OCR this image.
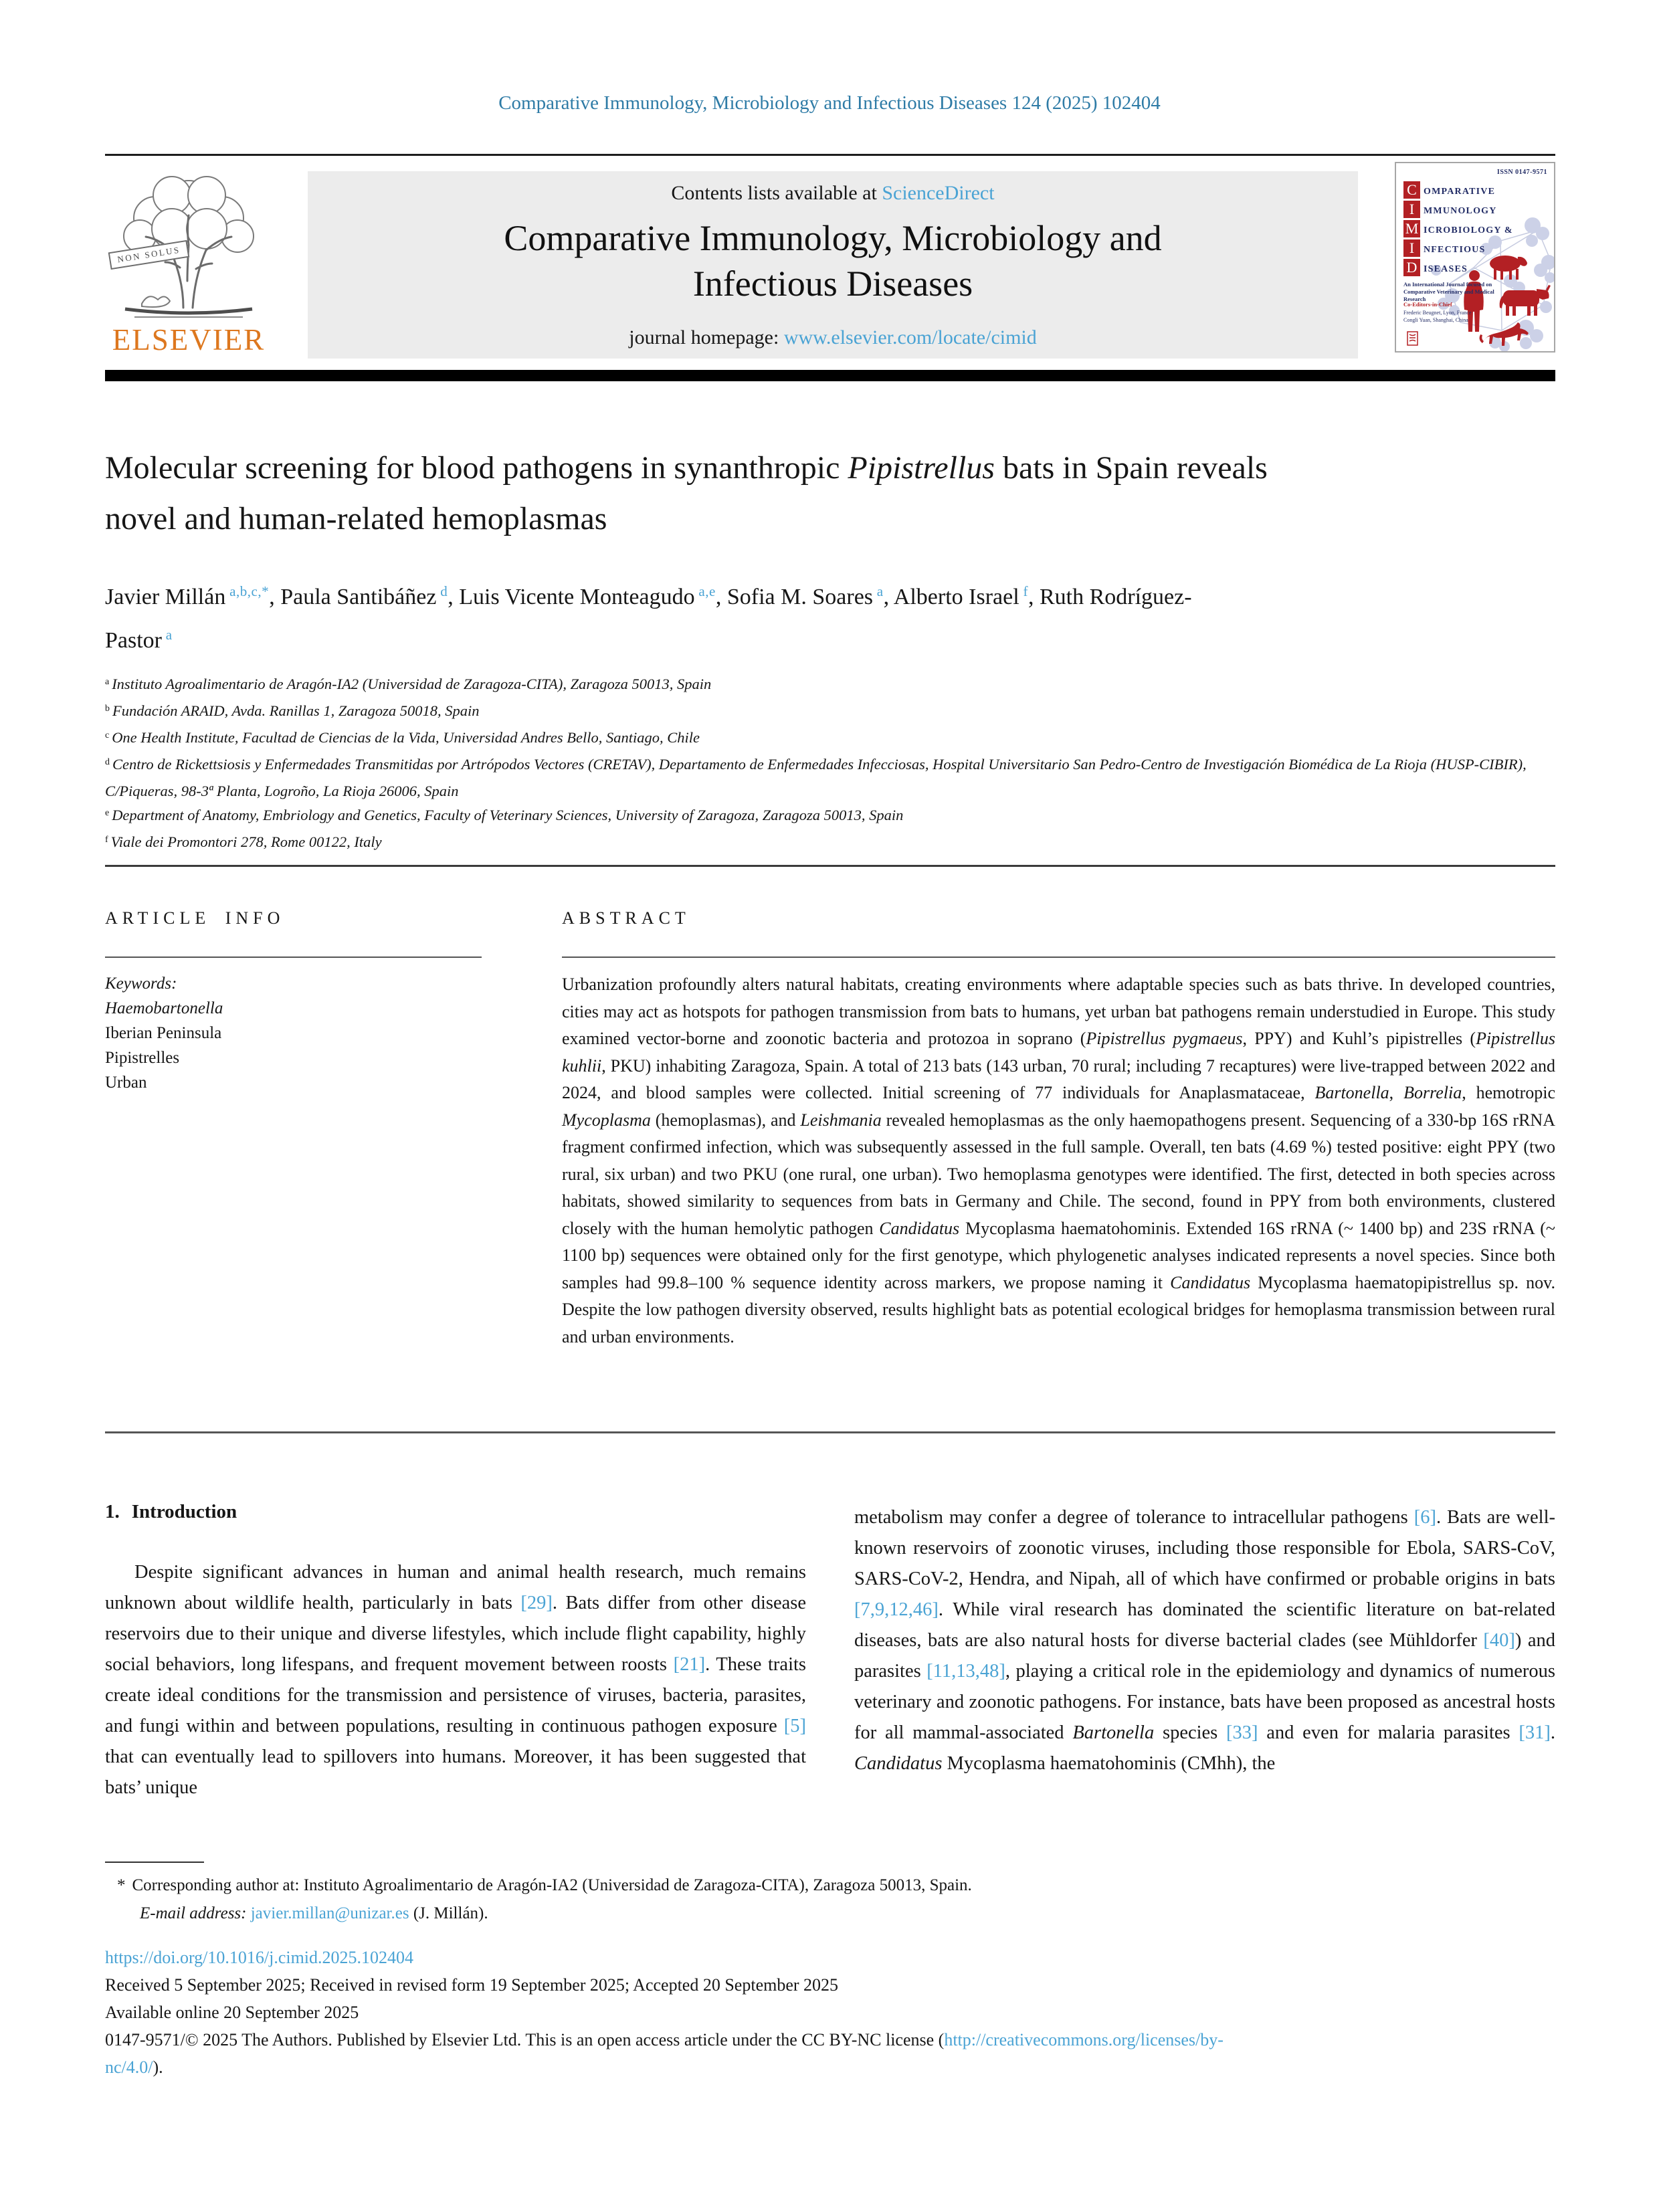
Comparative Immunology, Microbiology and Infectious Diseases 124 (2025) 102404
NON SOLUS
ELSEVIER
Contents lists available at ScienceDirect
Comparative Immunology, Microbiology and
Infectious Diseases
journal homepage: www.elsevier.com/locate/cimid
ISSN 0147-9571
C OMPARATIVE
I MMUNOLOGY
M ICROBIOLOGY &
I NFECTIOUS
D ISEASES
An International Journal focused on Comparative Veterinary and Medical Research
Co-Editors-in-Chief
Frederic Beugnet, Lyon, France
Congli Yuan, Shanghai, China
Molecular screening for blood pathogens in synanthropic Pipistrellus bats in Spain reveals novel and human-related hemoplasmas
Javier Millán $^{a,b,c,*}$, Paula Santibáñez $^d$, Luis Vicente Monteagudo $^{a,e}$, Sofia M. Soares $^a$, Alberto Israel $^f$, Ruth Rodríguez-Pastor $^a$
$^a$ Instituto Agroalimentario de Aragón-IA2 (Universidad de Zaragoza-CITA), Zaragoza 50013, Spain
$^b$ Fundación ARAID, Avda. Ranillas 1, Zaragoza 50018, Spain
$^c$ One Health Institute, Facultad de Ciencias de la Vida, Universidad Andres Bello, Santiago, Chile
$^d$ Centro de Rickettsiosis y Enfermedades Transmitidas por Artrópodos Vectores (CRETAV), Departamento de Enfermedades Infecciosas, Hospital Universitario San Pedro-Centro de Investigación Biomédica de La Rioja (HUSP-CIBIR), C/Piqueras, 98-3ª Planta, Logroño, La Rioja 26006, Spain
$^e$ Department of Anatomy, Embriology and Genetics, Faculty of Veterinary Sciences, University of Zaragoza, Zaragoza 50013, Spain
$^f$ Viale dei Promontori 278, Rome 00122, Italy
ARTICLE INFO	ABSTRACT
Keywords:
Haemobartonella
Iberian Peninsula
Pipistrelles
Urban
Urbanization profoundly alters natural habitats, creating environments where adaptable species such as bats thrive. In developed countries, cities may act as hotspots for pathogen transmission from bats to humans, yet urban bat pathogens remain understudied in Europe. This study examined vector-borne and zoonotic bacteria and protozoa in soprano (Pipistrellus pygmaeus, PPY) and Kuhl’s pipistrelles (Pipistrellus kuhlii, PKU) inhabiting Zaragoza, Spain. A total of 213 bats (143 urban, 70 rural; including 7 recaptures) were live-trapped between 2022 and 2024, and blood samples were collected. Initial screening of 77 individuals for Anaplasmataceae, Bartonella, Borrelia, hemotropic Mycoplasma (hemoplasmas), and Leishmania revealed hemoplasmas as the only haemopathogens present. Sequencing of a 330-bp 16S rRNA fragment confirmed infection, which was subsequently assessed in the full sample. Overall, ten bats (4.69 %) tested positive: eight PPY (two rural, six urban) and two PKU (one rural, one urban). Two hemoplasma genotypes were identified. The first, detected in both species across habitats, showed similarity to sequences from bats in Germany and Chile. The second, found in PPY from both environments, clustered closely with the human hemolytic pathogen Candidatus Mycoplasma haematohominis. Extended 16S rRNA (~ 1400 bp) and 23S rRNA (~ 1100 bp) sequences were obtained only for the first genotype, which phylogenetic analyses indicated represents a novel species. Since both samples had 99.8–100 % sequence identity across markers, we propose naming it Candidatus Mycoplasma haematopipistrellus sp. nov. Despite the low pathogen diversity observed, results highlight bats as potential ecological bridges for hemoplasma transmission between rural and urban environments.
1. Introduction
Despite significant advances in human and animal health research, much remains unknown about wildlife health, particularly in bats [29]. Bats differ from other disease reservoirs due to their unique and diverse lifestyles, which include flight capability, highly social behaviors, long lifespans, and frequent movement between roosts [21]. These traits create ideal conditions for the transmission and persistence of viruses, bacteria, parasites, and fungi within and between populations, resulting in continuous pathogen exposure [5] that can eventually lead to spillovers into humans. Moreover, it has been suggested that bats’ unique
metabolism may confer a degree of tolerance to intracellular pathogens [6]. Bats are well-known reservoirs of zoonotic viruses, including those responsible for Ebola, SARS-CoV, SARS-CoV-2, Hendra, and Nipah, all of which have confirmed or probable origins in bats [7,9,12,46]. While viral research has dominated the scientific literature on bat-related diseases, bats are also natural hosts for diverse bacterial clades (see Mühldorfer [40]) and parasites [11,13,48], playing a critical role in the epidemiology and dynamics of numerous veterinary and zoonotic pathogens. For instance, bats have been proposed as ancestral hosts for all mammal-associated Bartonella species [33] and even for malaria parasites [31]. Candidatus Mycoplasma haematohominis (CMhh), the
* Corresponding author at: Instituto Agroalimentario de Aragón-IA2 (Universidad de Zaragoza-CITA), Zaragoza 50013, Spain.
E-mail address: javier.millan@unizar.es (J. Millán).
https://doi.org/10.1016/j.cimid.2025.102404
Received 5 September 2025; Received in revised form 19 September 2025; Accepted 20 September 2025
Available online 20 September 2025
0147-9571/© 2025 The Authors. Published by Elsevier Ltd. This is an open access article under the CC BY-NC license (http://creativecommons.org/licenses/by-
nc/4.0/).
